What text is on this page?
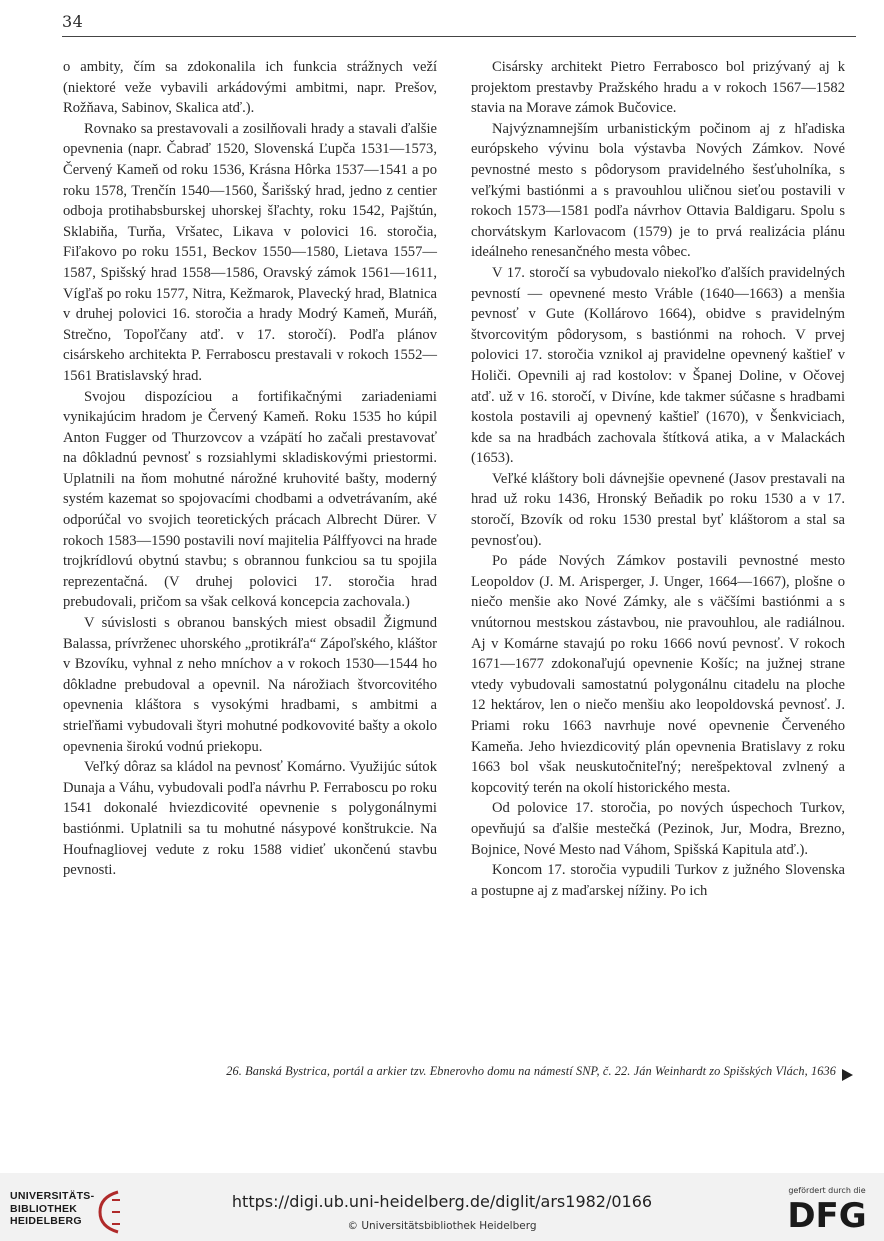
34

o ambity, čím sa zdokonalila ich funkcia strážnych veží (niektoré veže vybavili arkádovými ambitmi, napr. Prešov, Rožňava, Sabinov, Skalica atď.).

Rovnako sa prestavovali a zosilňovali hrady a stavali ďalšie opevnenia (napr. Čabraď 1520, Slovenská Ľupča 1531—1573, Červený Kameň od roku 1536, Krásna Hôrka 1537—1541 a po roku 1578, Trenčín 1540—1560, Šarišský hrad, jedno z centier odboja protihabsburskej uhorskej šľachty, roku 1542, Pajštún, Sklabiňa, Turňa, Vršatec, Likava v polovici 16. storočia, Fiľakovo po roku 1551, Beckov 1550—1580, Lietava 1557—1587, Spišský hrad 1558—1586, Oravský zámok 1561—1611, Vígľaš po roku 1577, Nitra, Kežmarok, Plavecký hrad, Blatnica v druhej polovici 16. storočia a hrady Modrý Kameň, Muráň, Strečno, Topoľčany atď. v 17. storočí). Podľa plánov cisárskeho architekta P. Ferraboscu prestavali v rokoch 1552—1561 Bratislavský hrad.

Svojou dispozíciou a fortifikačnými zariadeniami vynikajúcim hradom je Červený Kameň. Roku 1535 ho kúpil Anton Fugger od Thurzovcov a vzápätí ho začali prestavovať na dôkladnú pevnosť s rozsiahlymi skladiskovými priestormi. Uplatnili na ňom mohutné nárožné kruhovité bašty, moderný systém kazemat so spojovacími chodbami a odvetrávaním, aké odporúčal vo svojich teoretických prácach Albrecht Dürer. V rokoch 1583—1590 postavili noví majitelia Pálffyovci na hrade trojkrídlovú obytnú stavbu; s obrannou funkciou sa tu spojila reprezentačná. (V druhej polovici 17. storočia hrad prebudovali, pričom sa však celková koncepcia zachovala.)

V súvislosti s obranou banských miest obsadil Žigmund Balassa, prívrženec uhorského „protikráľa“ Zápoľského, kláštor v Bzovíku, vyhnal z neho mníchov a v rokoch 1530—1544 ho dôkladne prebudoval a opevnil. Na nárožiach štvorcovitého opevnenia kláštora s vysokými hradbami, s ambitmi a strieľňami vybudovali štyri mohutné podkovovité bašty a okolo opevnenia širokú vodnú priekopu.

Veľký dôraz sa kládol na pevnosť Komárno. Využijúc sútok Dunaja a Váhu, vybudovali podľa návrhu P. Ferraboscu po roku 1541 dokonalé hviezdicovité opevnenie s polygonálnymi bastiónmi. Uplatnili sa tu mohutné násypové konštrukcie. Na Houfnagliovej vedute z roku 1588 vidieť ukončenú stavbu pevnosti.

Cisársky architekt Pietro Ferrabosco bol prizývaný aj k projektom prestavby Pražského hradu a v rokoch 1567—1582 stavia na Morave zámok Bučovice.

Najvýznamnejším urbanistickým počinom aj z hľadiska európskeho vývinu bola výstavba Nových Zámkov. Nové pevnostné mesto s pôdorysom pravidelného šesťuholníka, s veľkými bastiónmi a s pravouhlou uličnou sieťou postavili v rokoch 1573—1581 podľa návrhov Ottavia Baldigaru. Spolu s chorvátskym Karlovacom (1579) je to prvá realizácia plánu ideálneho renesančného mesta vôbec.

V 17. storočí sa vybudovalo niekoľko ďalších pravidelných pevností — opevnené mesto Vráble (1640—1663) a menšia pevnosť v Gute (Kollárovo 1664), obidve s pravidelným štvorcovitým pôdorysom, s bastiónmi na rohoch. V prvej polovici 17. storočia vznikol aj pravidelne opevnený kaštieľ v Holiči. Opevnili aj rad kostolov: v Španej Doline, v Očovej atď. už v 16. storočí, v Divíne, kde takmer súčasne s hradbami kostola postavili aj opevnený kaštieľ (1670), v Šenkviciach, kde sa na hradbách zachovala štítková atika, a v Malackách (1653).

Veľké kláštory boli dávnejšie opevnené (Jasov prestavali na hrad už roku 1436, Hronský Beňadik po roku 1530 a v 17. storočí, Bzovík od roku 1530 prestal byť kláštorom a stal sa pevnosťou).

Po páde Nových Zámkov postavili pevnostné mesto Leopoldov (J. M. Arisperger, J. Unger, 1664—1667), plošne o niečo menšie ako Nové Zámky, ale s väčšími bastiónmi a s vnútornou mestskou zástavbou, nie pravouhlou, ale radiálnou. Aj v Komárne stavajú po roku 1666 novú pevnosť. V rokoch 1671—1677 zdokonaľujú opevnenie Košíc; na južnej strane vtedy vybudovali samostatnú polygonálnu citadelu na ploche 12 hektárov, len o niečo menšiu ako leopoldovská pevnosť. J. Priami roku 1663 navrhuje nové opevnenie Červeného Kameňa. Jeho hviezdicovitý plán opevnenia Bratislavy z roku 1663 bol však neuskutočniteľný; nerešpektoval zvlnený a kopcovitý terén na okolí historického mesta.

Od polovice 17. storočia, po nových úspechoch Turkov, opevňujú sa ďalšie mestečká (Pezinok, Jur, Modra, Brezno, Bojnice, Nové Mesto nad Váhom, Spišská Kapitula atď.).

Koncom 17. storočia vypudili Turkov z južného Slovenska a postupne aj z maďarskej nížiny. Po ich

26. Banská Bystrica, portál a arkier tzv. Ebnerovho domu na námestí SNP, č. 22. Ján Weinhardt zo Spišských Vlách, 1636
UNIVERSITÄTS- BIBLIOTHEK HEIDELBERG
https://digi.ub.uni-heidelberg.de/diglit/ars1982/0166
© Universitätsbibliothek Heidelberg
gefördert durch die
DFG
